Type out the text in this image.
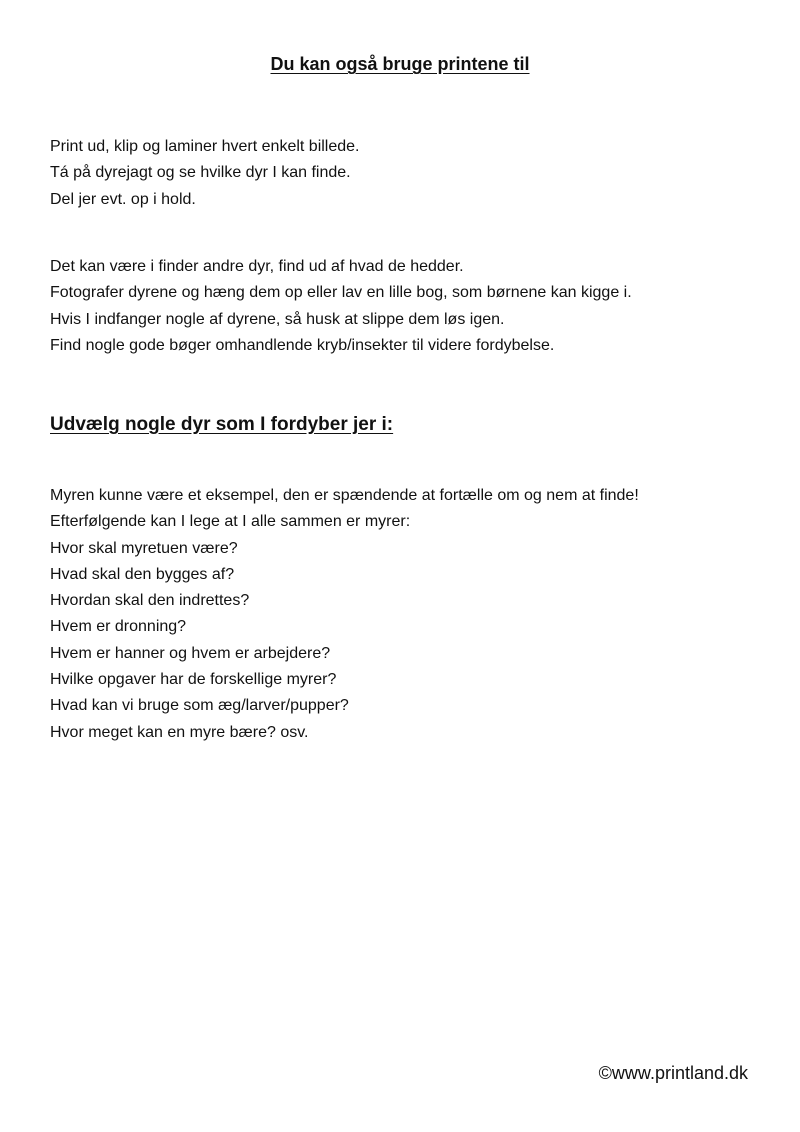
Du kan også bruge printene til
Print ud, klip og laminer hvert enkelt billede.
Tá på dyrejagt og se hvilke dyr I kan finde.
Del jer evt. op i hold.
Det kan være i finder andre dyr, find ud af hvad de hedder.
Fotografer dyrene og hæng dem op eller lav en lille bog, som børnene kan kigge i.
Hvis I indfanger nogle af dyrene, så husk at slippe dem løs igen.
Find nogle gode bøger omhandlende kryb/insekter til videre fordybelse.
Udvælg nogle dyr som I fordyber jer i:
Myren kunne være et eksempel, den er spændende at fortælle om og nem at finde!
Efterfølgende kan I lege at I alle sammen er myrer:
Hvor skal myretuen være?
Hvad skal den bygges af?
Hvordan skal den indrettes?
Hvem er dronning?
Hvem er hanner og hvem er arbejdere?
Hvilke opgaver har de forskellige myrer?
Hvad kan vi bruge som æg/larver/pupper?
Hvor meget kan en myre bære? osv.

©www.printland.dk
